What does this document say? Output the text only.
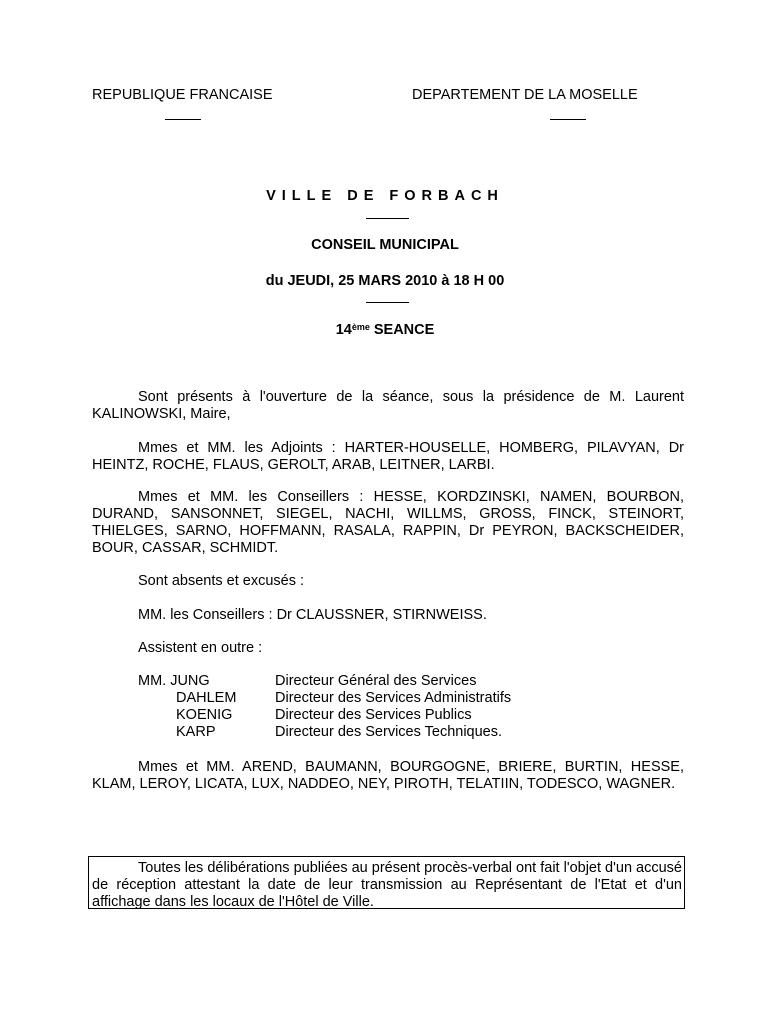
REPUBLIQUE FRANCAISE	DEPARTEMENT DE LA MOSELLE
VILLE DE FORBACH
CONSEIL MUNICIPAL
du JEUDI, 25 MARS 2010 à 18 H 00
14ème SEANCE
Sont présents à l'ouverture de la séance, sous la présidence de M. Laurent KALINOWSKI, Maire,
Mmes et MM. les Adjoints : HARTER-HOUSELLE, HOMBERG, PILAVYAN, Dr HEINTZ, ROCHE, FLAUS, GEROLT, ARAB, LEITNER, LARBI.
Mmes et MM. les Conseillers : HESSE, KORDZINSKI, NAMEN, BOURBON, DURAND, SANSONNET, SIEGEL, NACHI, WILLMS, GROSS, FINCK, STEINORT, THIELGES, SARNO, HOFFMANN, RASALA, RAPPIN, Dr PEYRON, BACKSCHEIDER, BOUR, CASSAR, SCHMIDT.
Sont absents et excusés :
MM. les Conseillers : Dr CLAUSSNER, STIRNWEISS.
Assistent en outre :
MM. JUNG	Directeur Général des Services
DAHLEM	Directeur des Services Administratifs
KOENIG	Directeur des Services Publics
KARP	Directeur des Services Techniques.
Mmes et MM. AREND, BAUMANN, BOURGOGNE, BRIERE, BURTIN, HESSE, KLAM, LEROY, LICATA, LUX, NADDEO, NEY, PIROTH, TELATIIN, TODESCO, WAGNER.

Toutes les délibérations publiées au présent procès-verbal ont fait l'objet d'un accusé de réception attestant la date de leur transmission au Représentant de l'Etat et d'un affichage dans les locaux de l'Hôtel de Ville.
